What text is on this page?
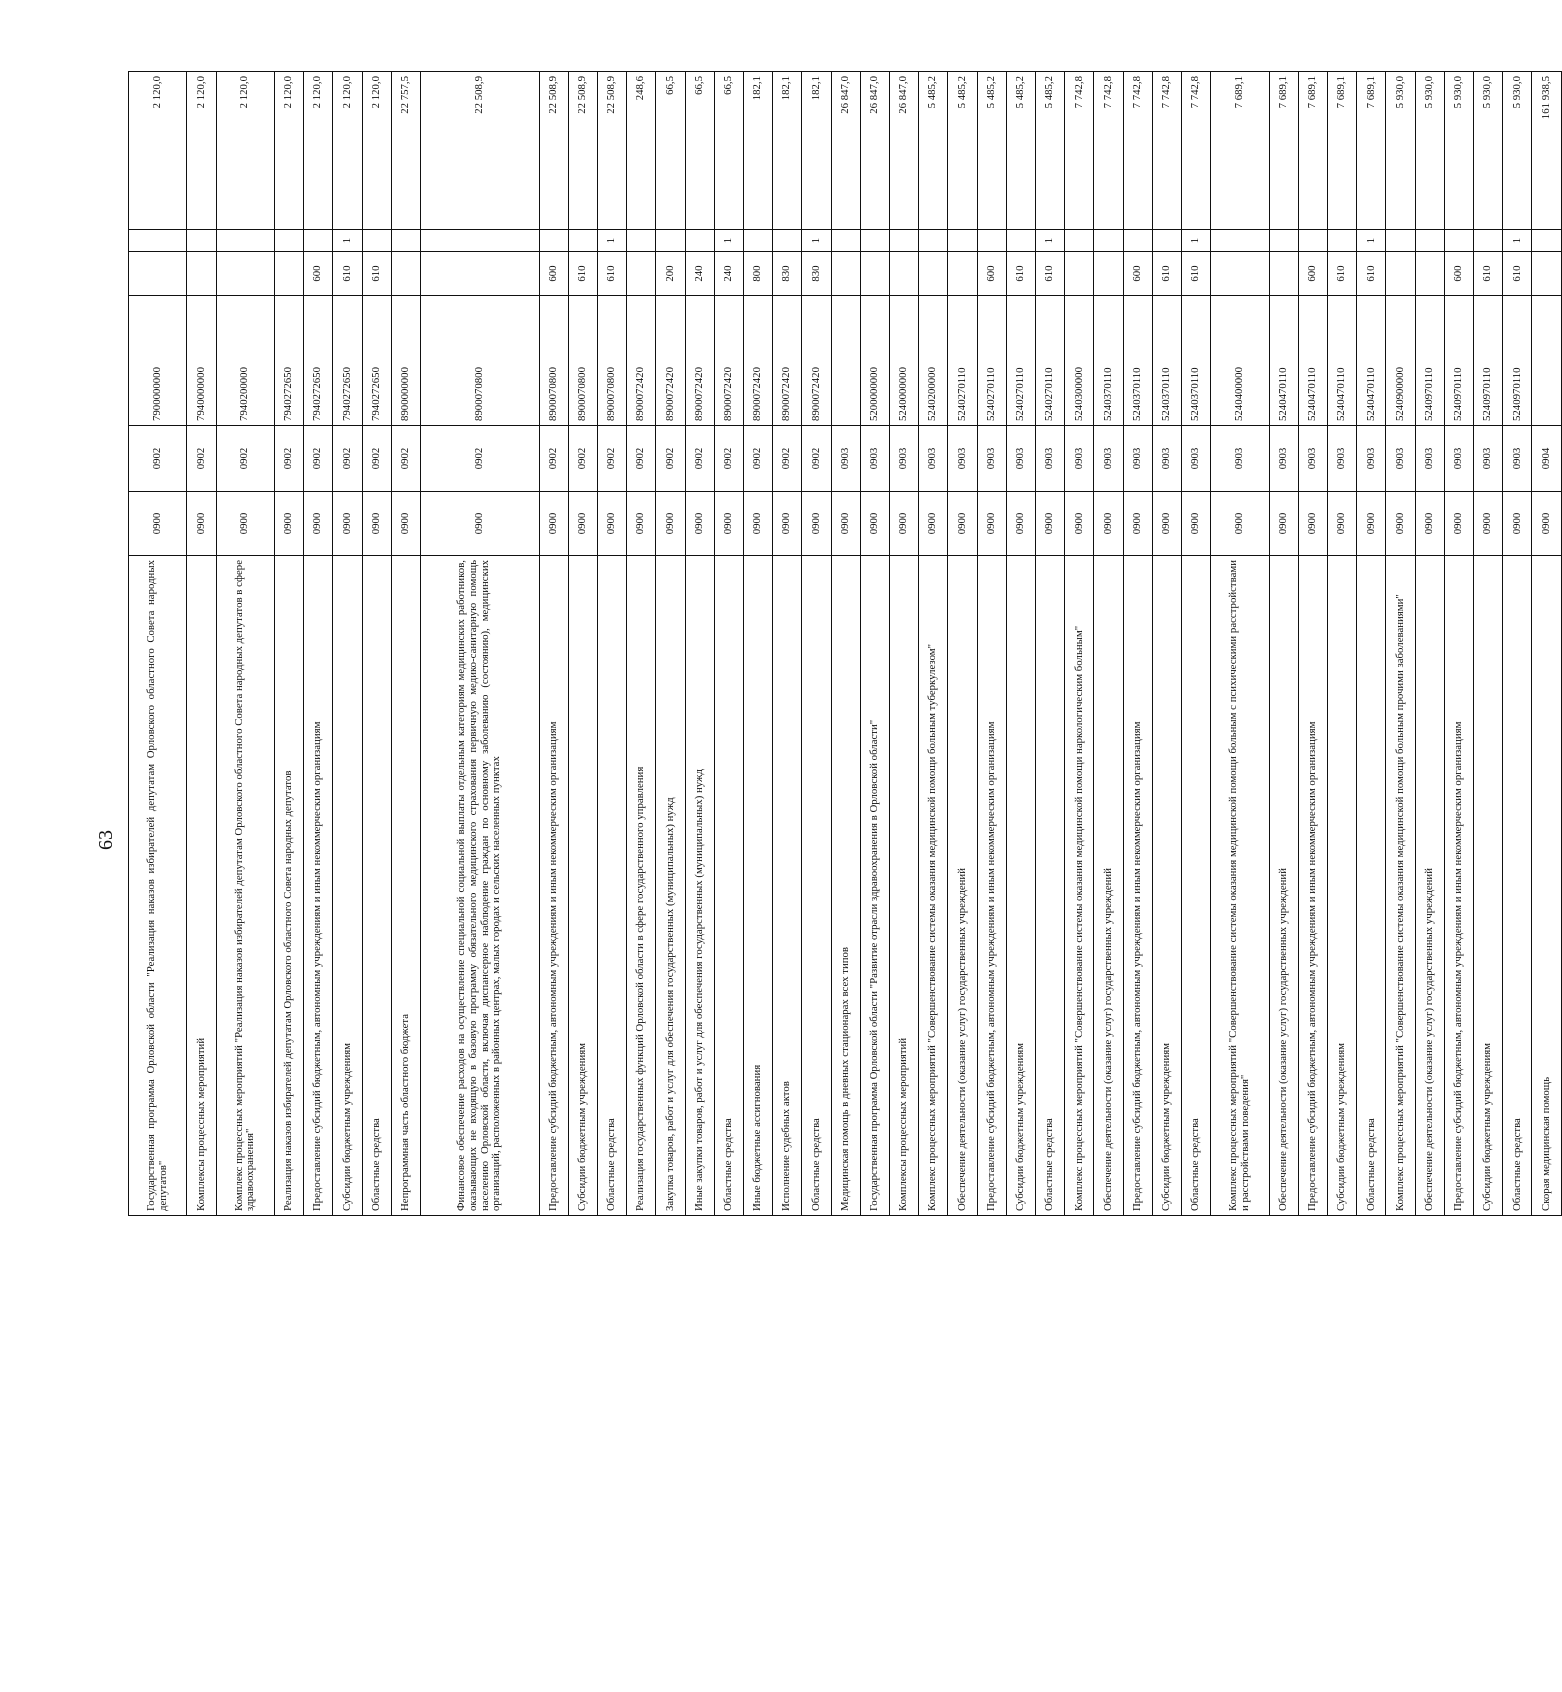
63	Государственная программа Орловской области "Реализация наказов избирателей депутатам Орловского областного Совета народных депутатов"	0900	0902	7900000000			2 120,0
Комплексы процессных мероприятий	0900	0902	7940000000			2 120,0
Комплекс процессных мероприятий "Реализация наказов избирателей депутатам Орловского областного Совета народных депутатов в сфере здравоохранения"	0900	0902	7940200000			2 120,0
Реализация наказов избирателей депутатам Орловского областного Совета народных депутатов	0900	0902	7940272650			2 120,0
Предоставление субсидий бюджетным, автономным учреждениям и иным некоммерческим организациям	0900	0902	7940272650	600		2 120,0
Субсидии бюджетным учреждениям	0900	0902	7940272650	610	1	2 120,0
Областные средства	0900	0902	7940272650	610		2 120,0
Непрограммная часть областного бюджета	0900	0902	8900000000			22 757,5
Финансовое обеспечение расходов на осуществление специальной социальной выплаты отдельным категориям медицинских работников, оказывающих не входящую в базовую программу обязательного медицинского страхования первичную медико-санитарную помощь населению Орловской области, включая диспансерное наблюдение граждан по основному заболеванию (состоянию), медицинских организаций, расположенных в районных центрах, малых городах и сельских населенных пунктах	0900	0902	8900070800			22 508,9
Предоставление субсидий бюджетным, автономным учреждениям и иным некоммерческим организациям	0900	0902	8900070800	600		22 508,9
Субсидии бюджетным учреждениям	0900	0902	8900070800	610		22 508,9
Областные средства	0900	0902	8900070800	610	1	22 508,9
Реализация государственных функций Орловской области в сфере государственного управления	0900	0902	8900072420			248,6
Закупка товаров, работ и услуг для обеспечения государственных (муниципальных) нужд	0900	0902	8900072420	200		66,5
Иные закупки товаров, работ и услуг для обеспечения государственных (муниципальных) нужд	0900	0902	8900072420	240		66,5
Областные средства	0900	0902	8900072420	240	1	66,5
Иные бюджетные ассигнования	0900	0902	8900072420	800		182,1
Исполнение судебных актов	0900	0902	8900072420	830		182,1
Областные средства	0900	0902	8900072420	830	1	182,1
Медицинская помощь в дневных стационарах всех типов	0900	0903				26 847,0
Государственная программа Орловской области "Развитие отрасли здравоохранения в Орловской области"	0900	0903	5200000000			26 847,0
Комплексы процессных мероприятий	0900	0903	5240000000			26 847,0
Комплекс процессных мероприятий "Совершенствование системы оказания медицинской помощи больным туберкулезом"	0900	0903	5240200000			5 485,2
Обеспечение деятельности (оказание услуг) государственных учреждений	0900	0903	5240270110			5 485,2
Предоставление субсидий бюджетным, автономным учреждениям и иным некоммерческим организациям	0900	0903	5240270110	600		5 485,2
Субсидии бюджетным учреждениям	0900	0903	5240270110	610		5 485,2
Областные средства	0900	0903	5240270110	610	1	5 485,2
Комплекс процессных мероприятий "Совершенствование системы оказания медицинской помощи наркологическим больным"	0900	0903	5240300000			7 742,8
Обеспечение деятельности (оказание услуг) государственных учреждений	0900	0903	5240370110			7 742,8
Предоставление субсидий бюджетным, автономным учреждениям и иным некоммерческим организациям	0900	0903	5240370110	600		7 742,8
Субсидии бюджетным учреждениям	0900	0903	5240370110	610		7 742,8
Областные средства	0900	0903	5240370110	610	1	7 742,8
Комплекс процессных мероприятий "Совершенствование системы оказания медицинской помощи больным с психическими расстройствами и расстройствами поведения"	0900	0903	5240400000			7 689,1
Обеспечение деятельности (оказание услуг) государственных учреждений	0900	0903	5240470110			7 689,1
Предоставление субсидий бюджетным, автономным учреждениям и иным некоммерческим организациям	0900	0903	5240470110	600		7 689,1
Субсидии бюджетным учреждениям	0900	0903	5240470110	610		7 689,1
Областные средства	0900	0903	5240470110	610	1	7 689,1
Комплекс процессных мероприятий "Совершенствование системы оказания медицинской помощи больным прочими заболеваниями"	0900	0903	5240900000			5 930,0
Обеспечение деятельности (оказание услуг) государственных учреждений	0900	0903	5240970110			5 930,0
Предоставление субсидий бюджетным, автономным учреждениям и иным некоммерческим организациям	0900	0903	5240970110	600		5 930,0
Субсидии бюджетным учреждениям	0900	0903	5240970110	610		5 930,0
Областные средства	0900	0903	5240970110	610	1	5 930,0
Скорая медицинская помощь	0900	0904				161 938,5
